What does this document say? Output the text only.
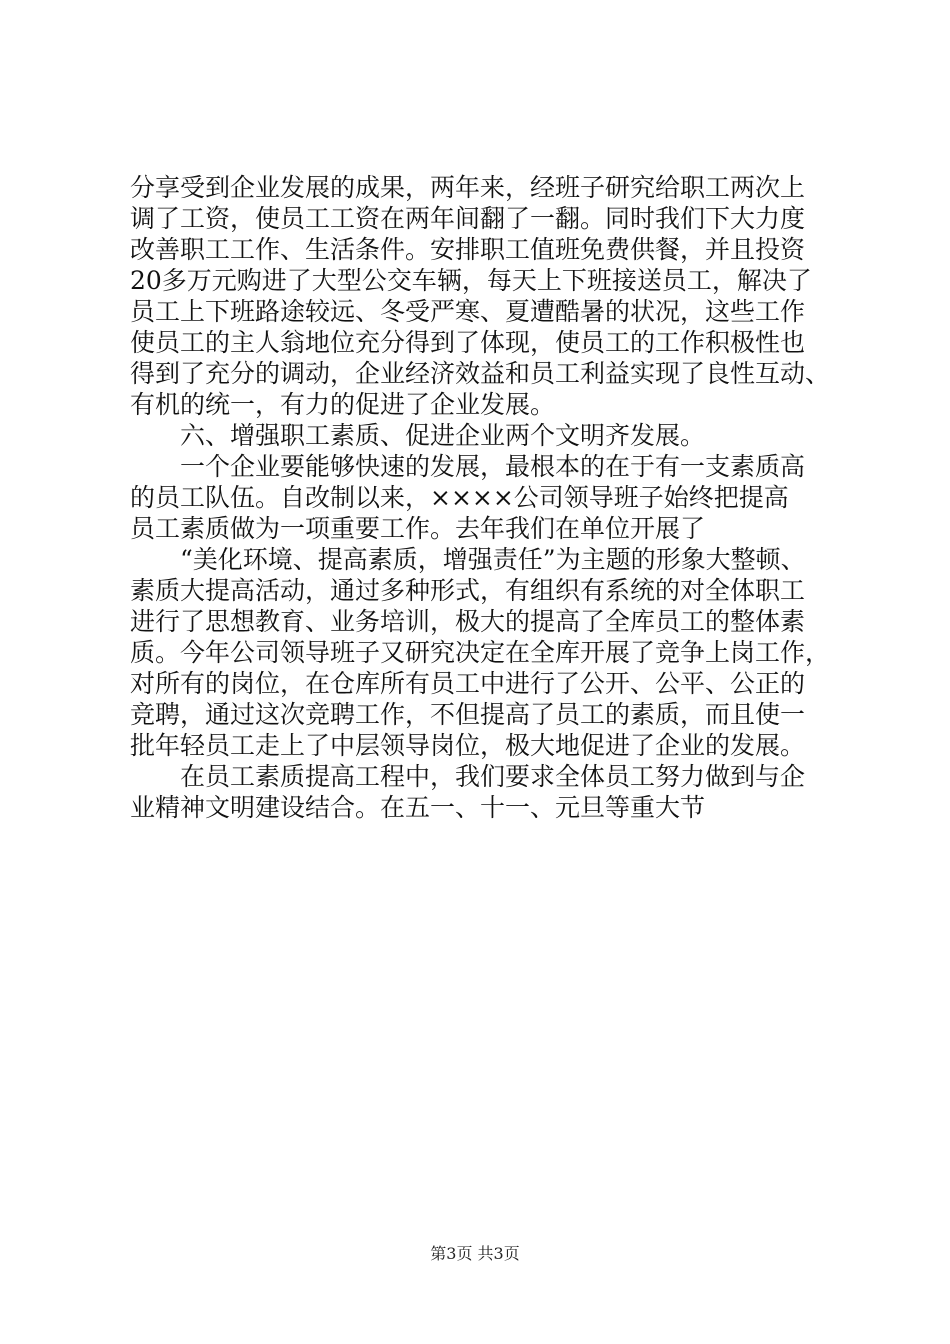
分享受到企业发展的成果，两年来，经班子研究给职工两次上
调了工资，使员工工资在两年间翻了一翻。同时我们下大力度
改善职工工作、生活条件。安排职工值班免费供餐，并且投资
20多万元购进了大型公交车辆，每天上下班接送员工，解决了
员工上下班路途较远、冬受严寒、夏遭酷暑的状况，这些工作
使员工的主人翁地位充分得到了体现，使员工的工作积极性也
得到了充分的调动，企业经济效益和员工利益实现了良性互动、
有机的统一，有力的促进了企业发展。
六、增强职工素质、促进企业两个文明齐发展。
一个企业要能够快速的发展，最根本的在于有一支素质高
的员工队伍。自改制以来，××××公司领导班子始终把提高
员工素质做为一项重要工作。去年我们在单位开展了
“美化环境、提高素质，增强责任”为主题的形象大整顿、
素质大提高活动，通过多种形式，有组织有系统的对全体职工
进行了思想教育、业务培训，极大的提高了全库员工的整体素
质。今年公司领导班子又研究决定在全库开展了竞争上岗工作，
对所有的岗位，在仓库所有员工中进行了公开、公平、公正的
竞聘，通过这次竞聘工作，不但提高了员工的素质，而且使一
批年轻员工走上了中层领导岗位，极大地促进了企业的发展。
在员工素质提高工程中，我们要求全体员工努力做到与企
业精神文明建设结合。在五一、十一、元旦等重大节
第3页 共3页
